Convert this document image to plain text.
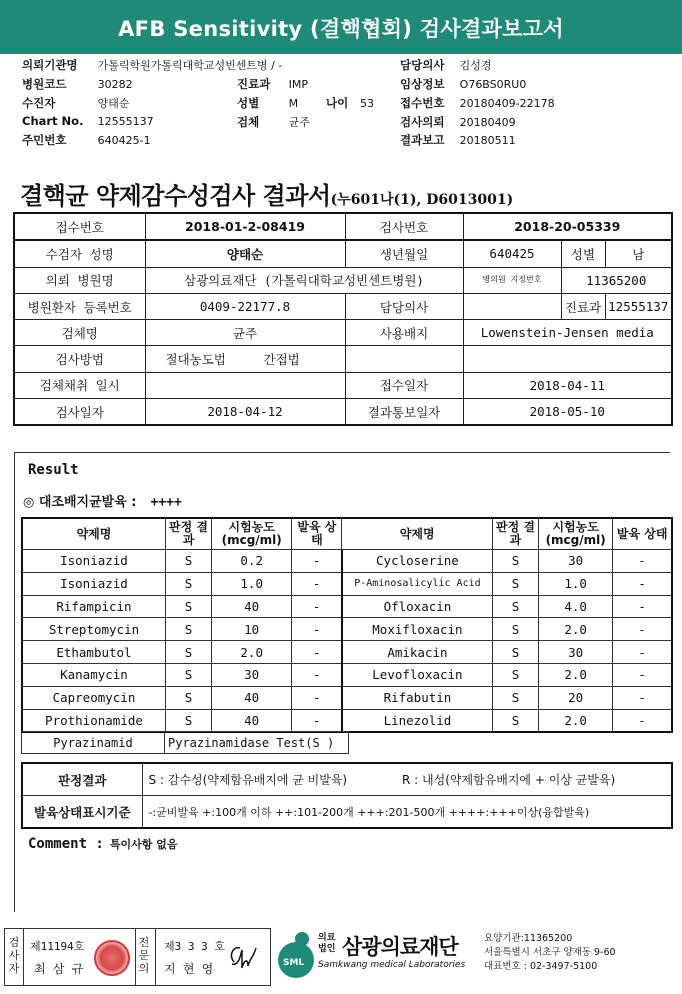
AFB Sensitivity (결핵협회) 검사결과보고서
의뢰기관명 가톨릭학원가톨릭대학교성빈센트병 / -
병원코드	30282
수진자	양태순
Chart No. 12555137
주민번호	640425-1
진료과 IMP
성별	M 나이 53
검체	균주
담당의사 김성경
임상정보 O76BS0RU0
접수번호 20180409-22178
검사의뢰 20180409
결과보고 20180511
결핵균 약제감수성검사 결과서(누601나(1), D6013001)
접수번호	2018-01-2-08419	검사번호	2018-20-05339		
수검자 성명	양태순	생년월일	640425	성별	남
의뢰 병원명	삼광의료재단 (가톨릭대학교성빈센트병원)		병의원 지정번호	11365200	
병원환자 등록번호	0409-22177.8	담당의사		진료과	12555137
검체명	균주	사용배지	Lowenstein-Jensen media		
검사방법	절대농도법 간접법				
검체채취 일시		접수일자	2018-04-11		
검사일자	2018-04-12	결과통보일자	2018-05-10		
Result
◎ 대조배지균발육 : ++++
약제명	판정 결과	시험농도 (mcg/ml)	발육 상태	약제명	판정 결과	시험농도 (mcg/ml)	발육 상태
Isoniazid	S	0.2	-	Cycloserine	S	30	-
Isoniazid	S	1.0	-	P-Aminosalicylic Acid	S	1.0	-
Rifampicin	S	40	-	Ofloxacin	S	4.0	-
Streptomycin	S	10	-	Moxifloxacin	S	2.0	-
Ethambutol	S	2.0	-	Amikacin	S	30	-
Kanamycin	S	30	-	Levofloxacin	S	2.0	-
Capreomycin	S	40	-	Rifabutin	S	20	-
Prothionamide	S	40	-	Linezolid	S	2.0	-
Pyrazinamid	Pyrazinamidase Test(S )
판정결과	S : 감수성(약제함유배지에 균 비발육)	R : 내성(약제함유배지에 + 이상 균발육)
발육상태표시기준	-:균비발육 +:100개 이하 ++:101-200개 +++:201-500개 ++++:+++이상(융합발육)	
Comment : 특이사항 없음
검사자
제11194호
최 삼 규
전문의
제3 3 3 호
지 현 영	SML
의료법인 삼광의료재단
Samkwang medical Laboratories
요양기관:11365200
서울특별시 서초구 양재동 9-60
대표번호 : 02-3497-5100
